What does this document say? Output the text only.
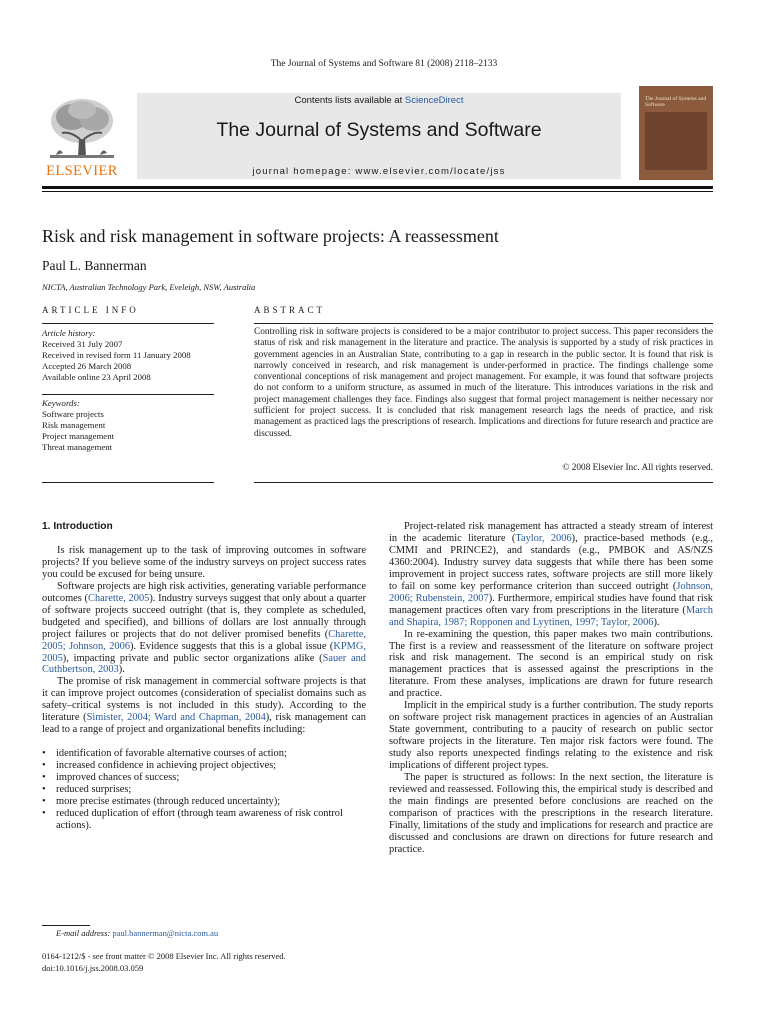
The Journal of Systems and Software 81 (2008) 2118–2133
ELSEVIER
Contents lists available at ScienceDirect
The Journal of Systems and Software
journal homepage: www.elsevier.com/locate/jss
The Journal of Systems and Software
Risk and risk management in software projects: A reassessment
Paul L. Bannerman
NICTA, Australian Technology Park, Eveleigh, NSW, Australia
ARTICLE INFO
Article history:
Received 31 July 2007
Received in revised form 11 January 2008
Accepted 26 March 2008
Available online 23 April 2008
Keywords:
Software projects
Risk management
Project management
Threat management
ABSTRACT
Controlling risk in software projects is considered to be a major contributor to project success. This paper reconsiders the status of risk and risk management in the literature and practice. The analysis is supported by a study of risk practices in government agencies in an Australian State, contributing to a gap in research in the public sector. It is found that risk is narrowly conceived in research, and risk management is under-performed in practice. The findings challenge some conventional conceptions of risk management and project management. For example, it was found that software projects do not conform to a uniform structure, as assumed in much of the literature. This introduces variations in the risk and project management challenges they face. Findings also suggest that formal project management is neither necessary nor sufficient for project success. It is concluded that risk management research lags the needs of practice, and risk management as practiced lags the prescriptions of research. Implications and directions for future research and practice are discussed.
© 2008 Elsevier Inc. All rights reserved.
1. Introduction

Is risk management up to the task of improving outcomes in software projects? If you believe some of the industry surveys on project success rates you could be excused for being unsure.

Software projects are high risk activities, generating variable performance outcomes (Charette, 2005). Industry surveys suggest that only about a quarter of software projects succeed outright (that is, they complete as scheduled, budgeted and specified), and billions of dollars are lost annually through project failures or projects that do not deliver promised benefits (Charette, 2005; Johnson, 2006). Evidence suggests that this is a global issue (KPMG, 2005), impacting private and public sector organizations alike (Sauer and Cuthbertson, 2003).

The promise of risk management in commercial software projects is that it can improve project outcomes (consideration of specialist domains such as safety–critical systems is not included in this study). According to the literature (Simister, 2004; Ward and Chapman, 2004), risk management can lead to a range of project and organizational benefits including:

• identification of favorable alternative courses of action;
• increased confidence in achieving project objectives;
• improved chances of success;
• reduced surprises;
• more precise estimates (through reduced uncertainty);
• reduced duplication of effort (through team awareness of risk control actions).

Project-related risk management has attracted a steady stream of interest in the academic literature (Taylor, 2006), practice-based methods (e.g., CMMI and PRINCE2), and standards (e.g., PMBOK and AS/NZS 4360:2004). Industry survey data suggests that while there has been some improvement in project success rates, software projects are still more likely to fail on some key performance criterion than succeed outright (Johnson, 2006; Rubenstein, 2007). Furthermore, empirical studies have found that risk management practices often vary from prescriptions in the literature (March and Shapira, 1987; Ropponen and Lyytinen, 1997; Taylor, 2006).

In re-examining the question, this paper makes two main contributions. The first is a review and reassessment of the literature on software project risk and risk management. The second is an empirical study on risk management practices that is assessed against the prescriptions in the literature. From these analyses, implications are drawn for future research and practice.

Implicit in the empirical study is a further contribution. The study reports on software project risk management practices in agencies of an Australian State government, contributing to a paucity of research on public sector software projects in the literature. Ten major risk factors were found. The study also reports unexpected findings relating to the existence and risk implications of different project types.

The paper is structured as follows: In the next section, the literature is reviewed and reassessed. Following this, the empirical study is described and the main findings are presented before conclusions are reached on the comparison of practices with the prescriptions in the research literature. Finally, limitations of the study and implications for research and practice are discussed and conclusions are drawn on directions for future research and practice.

E-mail address: paul.bannerman@nicta.com.au
0164-1212/$ - see front matter © 2008 Elsevier Inc. All rights reserved.
doi:10.1016/j.jss.2008.03.059
